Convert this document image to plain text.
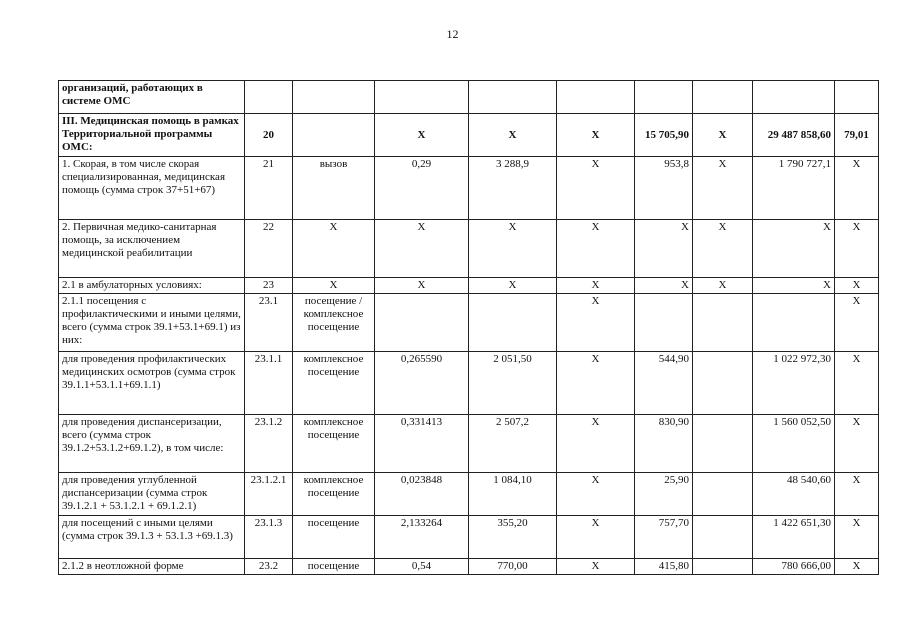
12
организаций, работающих в системе ОМС									
III. Медицинская помощь в рамках Территориальной программы ОМС:	20		Х	Х	Х	15 705,90	Х	29 487 858,60	79,01
1. Скорая, в том числе скорая специализированная, медицинская помощь (сумма строк 37+51+67)	21	вызов	0,29	3 288,9	Х	953,8	Х	1 790 727,1	Х
2. Первичная медико-санитарная помощь, за исключением медицинской реабилитации	22	Х	Х	Х	Х	Х	Х	Х	Х
2.1 в амбулаторных условиях:	23	Х	Х	Х	Х	Х	Х	Х	Х
2.1.1 посещения с профилактическими и иными целями, всего (сумма строк 39.1+53.1+69.1) из них:	23.1	посещение / комплексное посещение			Х				Х
для проведения профилактических медицинских осмотров (сумма строк 39.1.1+53.1.1+69.1.1)	23.1.1	комплексное посещение	0,265590	2 051,50	Х	544,90		1 022 972,30	Х
для проведения диспансеризации, всего (сумма строк 39.1.2+53.1.2+69.1.2), в том числе:	23.1.2	комплексное посещение	0,331413	2 507,2	Х	830,90		1 560 052,50	Х
для проведения углубленной диспансеризации (сумма строк 39.1.2.1 + 53.1.2.1 + 69.1.2.1)	23.1.2.1	комплексное посещение	0,023848	1 084,10	Х	25,90		48 540,60	Х
для посещений с иными целями (сумма строк 39.1.3 + 53.1.3 +69.1.3)	23.1.3	посещение	2,133264	355,20	Х	757,70		1 422 651,30	Х
2.1.2 в неотложной форме	23.2	посещение	0,54	770,00	Х	415,80		780 666,00	Х
